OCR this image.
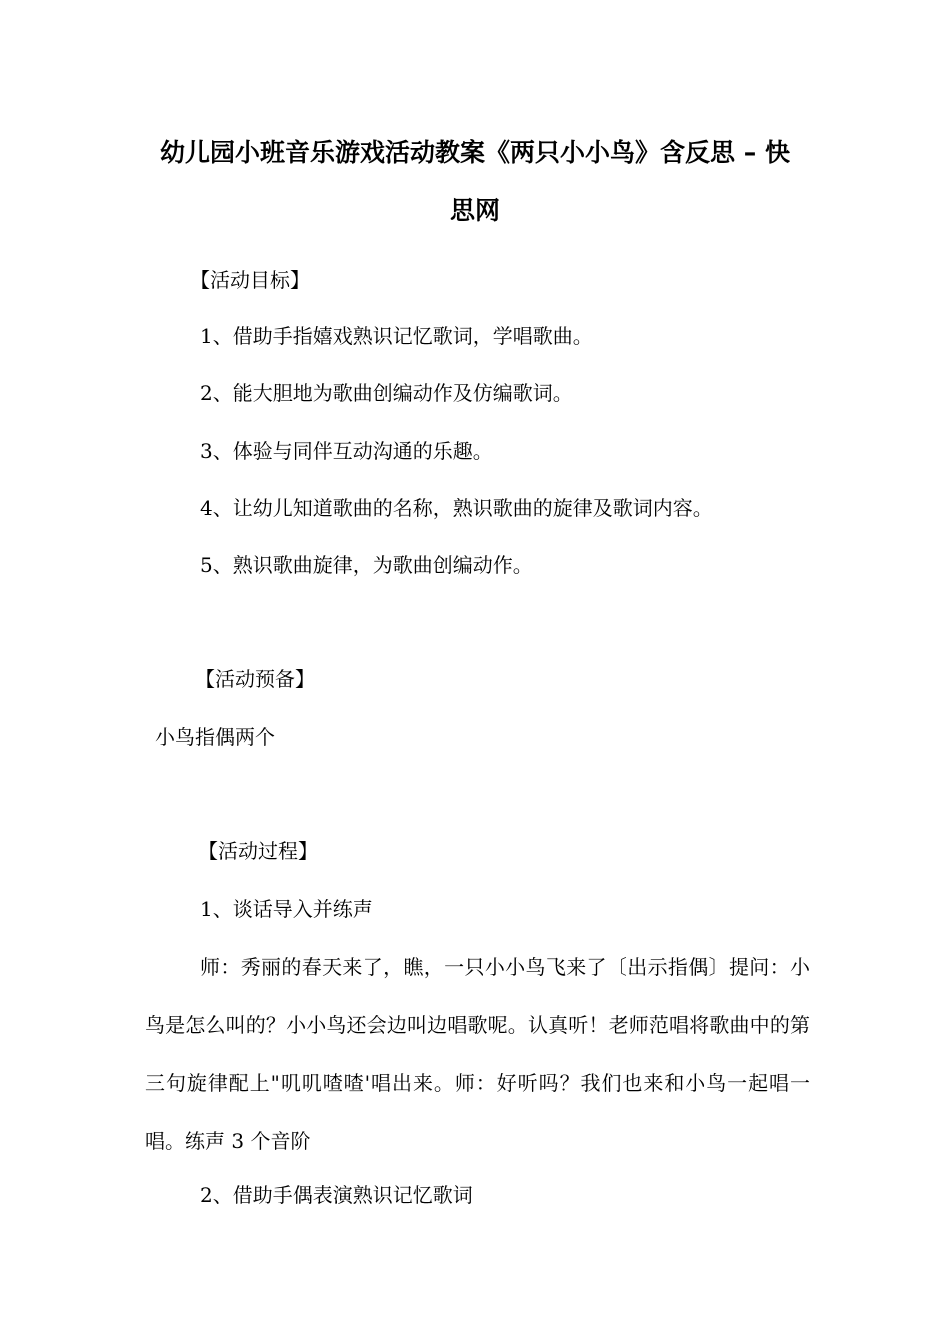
幼儿园小班音乐游戏活动教案《两只小小鸟》含反思 – 快
思网
【活动目标】
1、借助手指嬉戏熟识记忆歌词，学唱歌曲。
2、能大胆地为歌曲创编动作及仿编歌词。
3、体验与同伴互动沟通的乐趣。
4、让幼儿知道歌曲的名称，熟识歌曲的旋律及歌词内容。
5、熟识歌曲旋律，为歌曲创编动作。
【活动预备】
小鸟指偶两个
【活动过程】
1、谈话导入并练声
师：秀丽的春天来了，瞧，一只小小鸟飞来了〔出示指偶〕提问：小鸟是怎么叫的？小小鸟还会边叫边唱歌呢。认真听！老师范唱将歌曲中的第三句旋律配上"叽叽喳喳'唱出来。师：好听吗？我们也来和小鸟一起唱一唱。练声 3 个音阶
2、借助手偶表演熟识记忆歌词
